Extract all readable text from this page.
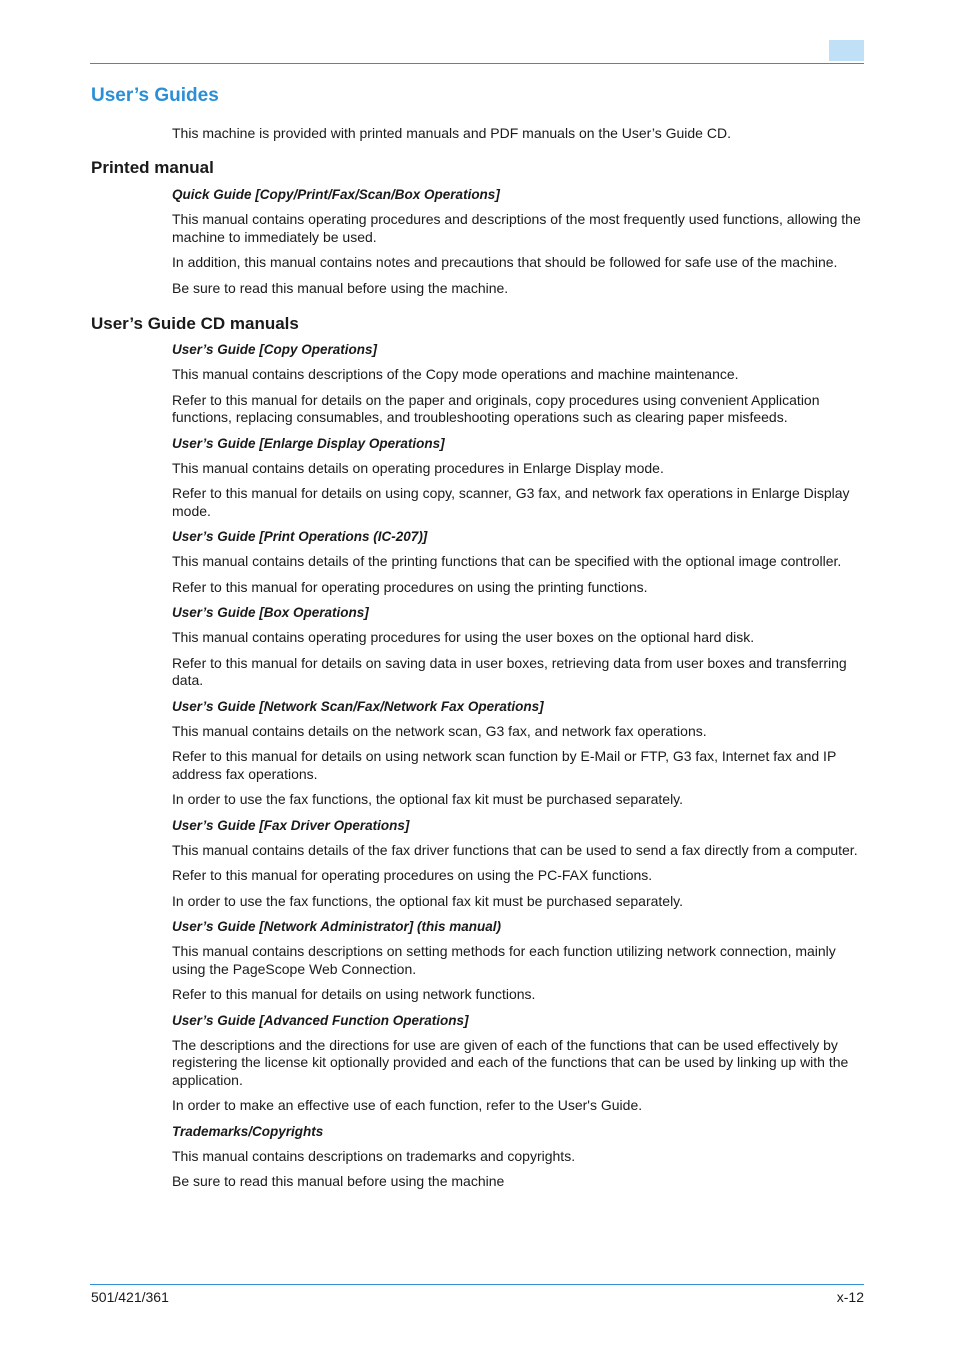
User’s Guides

This machine is provided with printed manuals and PDF manuals on the User’s Guide CD.

Printed manual

Quick Guide [Copy/Print/Fax/Scan/Box Operations]

This manual contains operating procedures and descriptions of the most frequently used functions, allowing the machine to immediately be used.

In addition, this manual contains notes and precautions that should be followed for safe use of the machine.

Be sure to read this manual before using the machine.

User’s Guide CD manuals

User’s Guide [Copy Operations]

This manual contains descriptions of the Copy mode operations and machine maintenance.

Refer to this manual for details on the paper and originals, copy procedures using convenient Application functions, replacing consumables, and troubleshooting operations such as clearing paper misfeeds.

User’s Guide [Enlarge Display Operations]

This manual contains details on operating procedures in Enlarge Display mode.

Refer to this manual for details on using copy, scanner, G3 fax, and network fax operations in Enlarge Display mode.

User’s Guide [Print Operations (IC-207)]

This manual contains details of the printing functions that can be specified with the optional image controller.

Refer to this manual for operating procedures on using the printing functions.

User’s Guide [Box Operations]

This manual contains operating procedures for using the user boxes on the optional hard disk.

Refer to this manual for details on saving data in user boxes, retrieving data from user boxes and transferring data.

User’s Guide [Network Scan/Fax/Network Fax Operations]

This manual contains details on the network scan, G3 fax, and network fax operations.

Refer to this manual for details on using network scan function by E-Mail or FTP, G3 fax, Internet fax and IP address fax operations.

In order to use the fax functions, the optional fax kit must be purchased separately.

User’s Guide [Fax Driver Operations]

This manual contains details of the fax driver functions that can be used to send a fax directly from a computer.

Refer to this manual for operating procedures on using the PC-FAX functions.

In order to use the fax functions, the optional fax kit must be purchased separately.

User’s Guide [Network Administrator] (this manual)

This manual contains descriptions on setting methods for each function utilizing network connection, mainly using the PageScope Web Connection.

Refer to this manual for details on using network functions.

User’s Guide [Advanced Function Operations]

The descriptions and the directions for use are given of each of the functions that can be used effectively by registering the license kit optionally provided and each of the functions that can be used by linking up with the application.

In order to make an effective use of each function, refer to the User's Guide.

Trademarks/Copyrights

This manual contains descriptions on trademarks and copyrights.

Be sure to read this manual before using the machine

501/421/361	x-12
